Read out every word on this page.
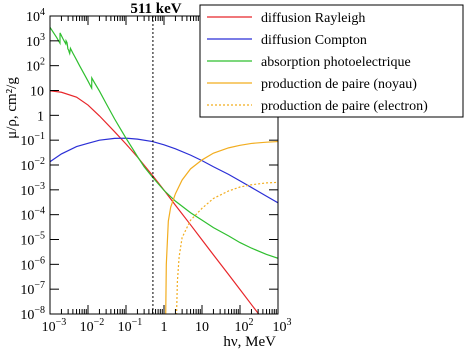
$10^{-3}$ $10^{-2}$ $10^{-1}$ 1 10 $10^2$ $10^3$
$10^{-8}$
$10^{-7}$
$10^{-6}$
$10^{-5}$
$10^{-4}$
$10^{-3}$
$10^{-2}$
$10^{-1}$
1
10
$10^2$
$10^3$
$10^4$
hν, MeV
μ/ρ, cm²/g
511 keV
diffusion Rayleigh
diffusion Compton
absorption photoelectrique
production de paire (noyau)
production de paire (electron)
